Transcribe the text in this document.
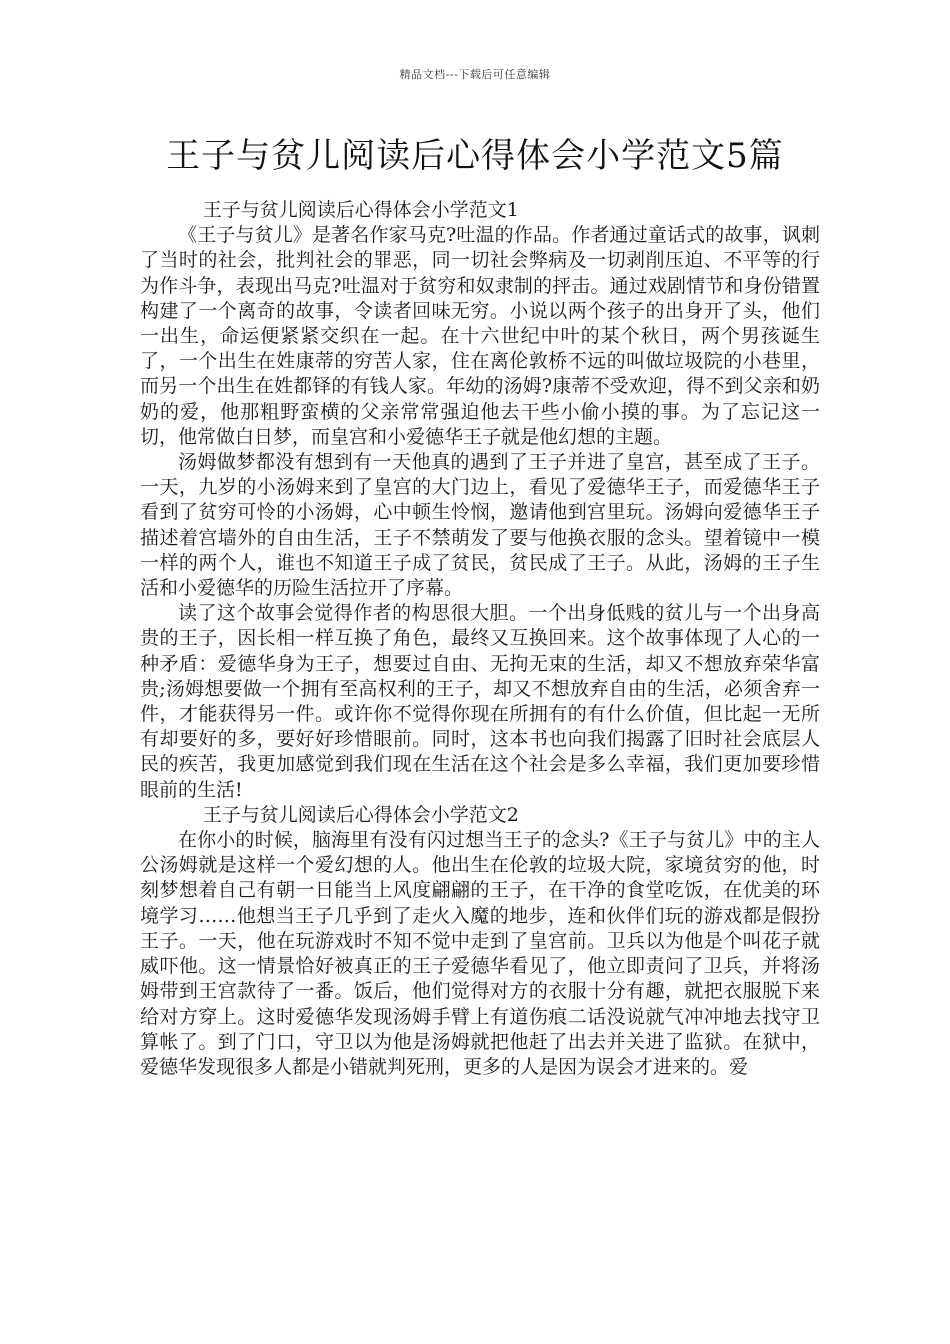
精品文档---下载后可任意编辑
王子与贫儿阅读后心得体会小学范文5篇

王子与贫儿阅读后心得体会小学范文1

《王子与贫儿》是著名作家马克?吐温的作品。作者通过童话式的故事，讽刺了当时的社会，批判社会的罪恶，同一切社会弊病及一切剥削压迫、不平等的行为作斗争，表现出马克?吐温对于贫穷和奴隶制的抨击。通过戏剧情节和身份错置构建了一个离奇的故事，令读者回味无穷。小说以两个孩子的出身开了头，他们一出生，命运便紧紧交织在一起。在十六世纪中叶的某个秋日，两个男孩诞生了，一个出生在姓康蒂的穷苦人家，住在离伦敦桥不远的叫做垃圾院的小巷里，而另一个出生在姓都铎的有钱人家。年幼的汤姆?康蒂不受欢迎，得不到父亲和奶奶的爱，他那粗野蛮横的父亲常常强迫他去干些小偷小摸的事。为了忘记这一切，他常做白日梦，而皇宫和小爱德华王子就是他幻想的主题。

汤姆做梦都没有想到有一天他真的遇到了王子并进了皇宫，甚至成了王子。一天，九岁的小汤姆来到了皇宫的大门边上，看见了爱德华王子，而爱德华王子看到了贫穷可怜的小汤姆，心中顿生怜悯，邀请他到宫里玩。汤姆向爱德华王子描述着宫墙外的自由生活，王子不禁萌发了要与他换衣服的念头。望着镜中一模一样的两个人，谁也不知道王子成了贫民，贫民成了王子。从此，汤姆的王子生活和小爱德华的历险生活拉开了序幕。

读了这个故事会觉得作者的构思很大胆。一个出身低贱的贫儿与一个出身高贵的王子，因长相一样互换了角色，最终又互换回来。这个故事体现了人心的一种矛盾：爱德华身为王子，想要过自由、无拘无束的生活，却又不想放弃荣华富贵;汤姆想要做一个拥有至高权利的王子，却又不想放弃自由的生活，必须舍弃一件，才能获得另一件。或许你不觉得你现在所拥有的有什么价值，但比起一无所有却要好的多，要好好珍惜眼前。同时，这本书也向我们揭露了旧时社会底层人民的疾苦，我更加感觉到我们现在生活在这个社会是多么幸福，我们更加要珍惜眼前的生活!

王子与贫儿阅读后心得体会小学范文2

在你小的时候，脑海里有没有闪过想当王子的念头?《王子与贫儿》中的主人公汤姆就是这样一个爱幻想的人。他出生在伦敦的垃圾大院，家境贫穷的他，时刻梦想着自己有朝一日能当上风度翩翩的王子，在干净的食堂吃饭，在优美的环境学习……他想当王子几乎到了走火入魔的地步，连和伙伴们玩的游戏都是假扮王子。一天，他在玩游戏时不知不觉中走到了皇宫前。卫兵以为他是个叫花子就威吓他。这一情景恰好被真正的王子爱德华看见了，他立即责问了卫兵，并将汤姆带到王宫款待了一番。饭后，他们觉得对方的衣服十分有趣，就把衣服脱下来给对方穿上。这时爱德华发现汤姆手臂上有道伤痕二话没说就气冲冲地去找守卫算帐了。到了门口，守卫以为他是汤姆就把他赶了出去并关进了监狱。在狱中，爱德华发现很多人都是小错就判死刑，更多的人是因为误会才进来的。爱
